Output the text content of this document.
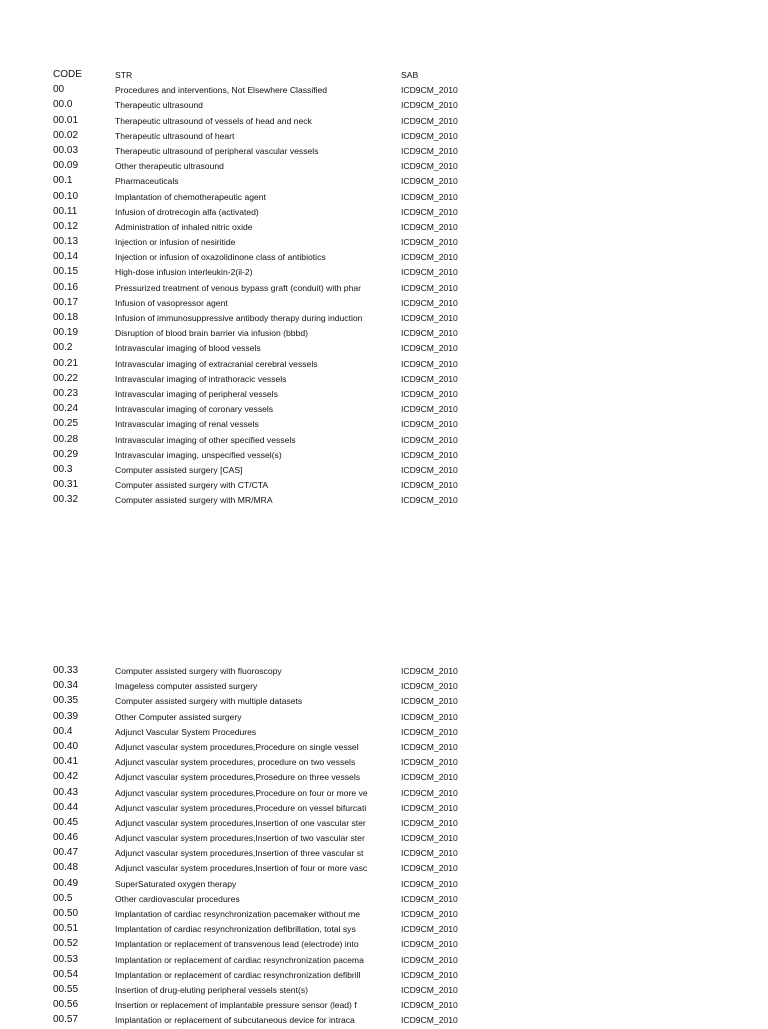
CODE	STR	SAB
00	Procedures and interventions, Not Elsewhere Classified	ICD9CM_2010
00.0	Therapeutic ultrasound	ICD9CM_2010
00.01	Therapeutic ultrasound of vessels of head and neck	ICD9CM_2010
00.02	Therapeutic ultrasound of heart	ICD9CM_2010
00.03	Therapeutic ultrasound of peripheral vascular vessels	ICD9CM_2010
00.09	Other therapeutic ultrasound	ICD9CM_2010
00.1	Pharmaceuticals	ICD9CM_2010
00.10	Implantation of chemotherapeutic agent	ICD9CM_2010
00.11	Infusion of drotrecogin alfa (activated)	ICD9CM_2010
00.12	Administration of inhaled nitric oxide	ICD9CM_2010
00.13	Injection or infusion of nesiritide	ICD9CM_2010
00.14	Injection or infusion of oxazolidinone class of antibiotics	ICD9CM_2010
00.15	High-dose infusion interleukin-2(il-2)	ICD9CM_2010
00.16	Pressurized treatment of venous bypass graft (conduit) with phar	ICD9CM_2010
00.17	Infusion of vasopressor agent	ICD9CM_2010
00.18	Infusion of immunosuppressive antibody therapy during induction	ICD9CM_2010
00.19	Disruption of blood brain barrier via infusion (bbbd)	ICD9CM_2010
00.2	Intravascular imaging of blood vessels	ICD9CM_2010
00.21	Intravascular imaging of extracranial cerebral vessels	ICD9CM_2010
00.22	Intravascular imaging of intrathoracic vessels	ICD9CM_2010
00.23	Intravascular imaging of peripheral vessels	ICD9CM_2010
00.24	Intravascular imaging of coronary vessels	ICD9CM_2010
00.25	Intravascular imaging of renal vessels	ICD9CM_2010
00.28	Intravascular imaging of other specified vessels	ICD9CM_2010
00.29	Intravascular imaging, unspecified vessel(s)	ICD9CM_2010
00.3	Computer assisted surgery [CAS]	ICD9CM_2010
00.31	Computer assisted surgery with CT/CTA	ICD9CM_2010
00.32	Computer assisted surgery with MR/MRA	ICD9CM_2010
00.33	Computer assisted surgery with fluoroscopy	ICD9CM_2010
00.34	Imageless computer assisted surgery	ICD9CM_2010
00.35	Computer assisted surgery with multiple datasets	ICD9CM_2010
00.39	Other Computer assisted surgery	ICD9CM_2010
00.4	Adjunct Vascular System Procedures	ICD9CM_2010
00.40	Adjunct vascular system procedures,Procedure on single vessel	ICD9CM_2010
00.41	Adjunct vascular system procedures, procedure on two vessels	ICD9CM_2010
00.42	Adjunct vascular system procedures,Prosedure on three vessels	ICD9CM_2010
00.43	Adjunct vascular system procedures,Procedure on four or more ve	ICD9CM_2010
00.44	Adjunct vascular system procedures,Procedure on vessel bifurcati	ICD9CM_2010
00.45	Adjunct vascular system procedures,Insertion of one vascular ster	ICD9CM_2010
00.46	Adjunct vascular system procedures,Insertion of two vascular ster	ICD9CM_2010
00.47	Adjunct vascular system procedures,Insertion of three vascular st	ICD9CM_2010
00.48	Adjunct vascular system procedures,Insertion of four or more vasc	ICD9CM_2010
00.49	SuperSaturated oxygen therapy	ICD9CM_2010
00.5	Other cardiovascular procedures	ICD9CM_2010
00.50	Implantation of cardiac resynchronization pacemaker without me	ICD9CM_2010
00.51	Implantation of cardiac resynchronization defibrillation, total sys	ICD9CM_2010
00.52	Implantation or replacement of transvenous lead (electrode) into	ICD9CM_2010
00.53	Implantation or replacement of cardiac resynchronization pacema	ICD9CM_2010
00.54	Implantation or replacement of cardiac resynchronization defibrill	ICD9CM_2010
00.55	Insertion of drug-eluting peripheral vessels stent(s)	ICD9CM_2010
00.56	Insertion or replacement of implantable pressure sensor (lead) f	ICD9CM_2010
00.57	Implantation or replacement of subcutaneous device for intraca	ICD9CM_2010
